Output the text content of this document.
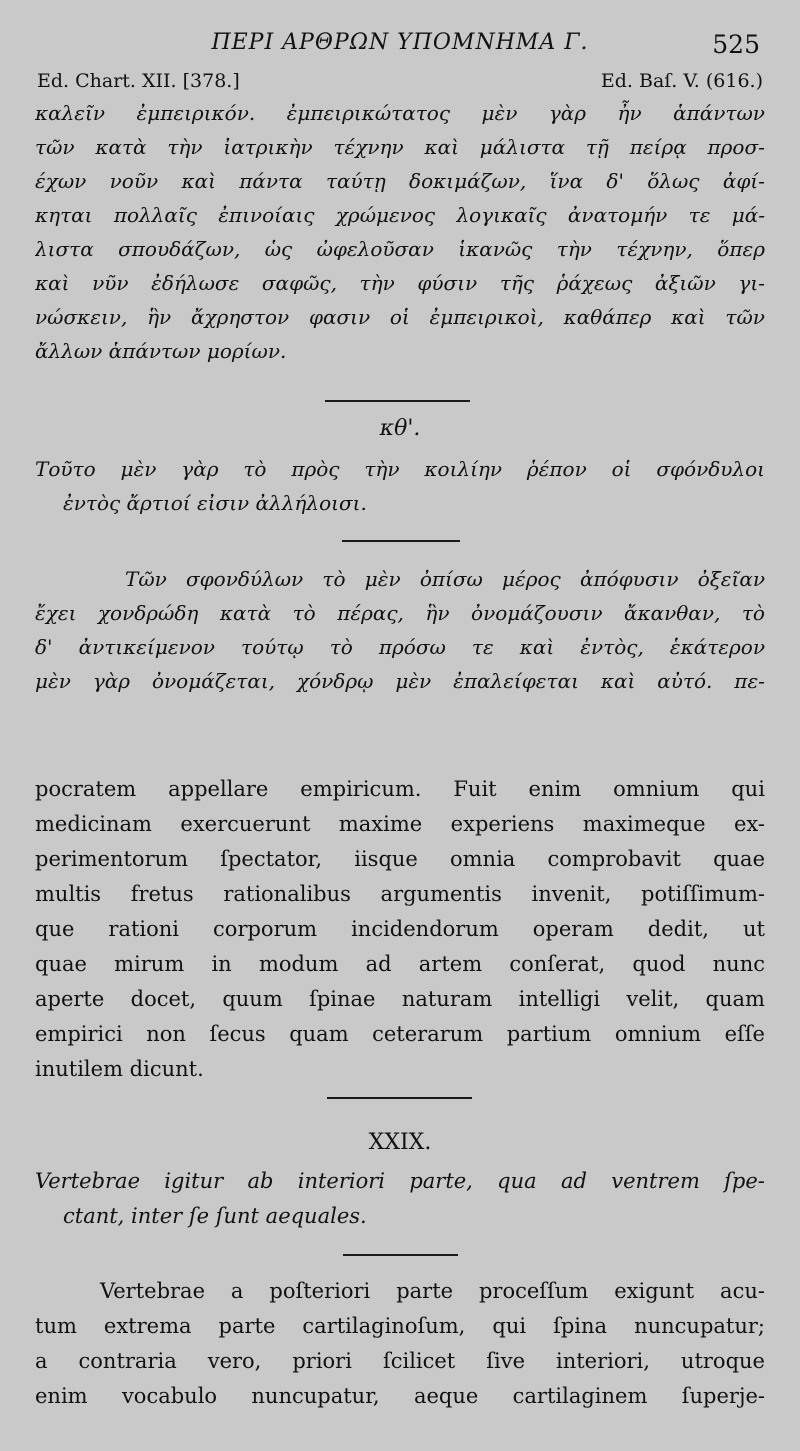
ΠΕΡΙ ΑΡΘΡΩΝ ΥΠΟΜΝΗΜΑ Γ.	525
Ed. Chart. XII. [378.]	Ed. Baſ. V. (616.)
καλεῖν ἐμπειρικόν. ἐμπειρικώτατος μὲν γὰρ ἦν ἁπάντων
τῶν κατὰ τὴν ἰατρικὴν τέχνην καὶ μάλιστα τῇ πείρᾳ προσ-
έχων νοῦν καὶ πάντα ταύτῃ δοκιμάζων, ἵνα δ' ὅλως ἀφί-
κηται πολλαῖς ἐπινοίαις χρώμενος λογικαῖς ἀνατομήν τε μά-
λιστα σπουδάζων, ὡς ὠφελοῦσαν ἱκανῶς τὴν τέχνην, ὅπερ
καὶ νῦν ἐδήλωσε σαφῶς, τὴν φύσιν τῆς ῥάχεως ἀξιῶν γι-
νώσκειν, ἣν ἄχρηστον φασιν οἱ ἐμπειρικοὶ, καθάπερ καὶ τῶν
ἄλλων ἁπάντων μορίων.
κθ'.
Τοῦτο μὲν γὰρ τὸ πρὸς τὴν κοιλίην ῥέπον οἱ σφόνδυλοι
ἐντὸς ἄρτιοί εἰσιν ἀλλήλοισι.
Τῶν σφονδύλων τὸ μὲν ὀπίσω μέρος ἀπόφυσιν ὀξεῖαν
ἔχει χονδρώδη κατὰ τὸ πέρας, ἣν ὀνομάζουσιν ἄκανθαν, τὸ
δ' ἀντικείμενον τούτῳ τὸ πρόσω τε καὶ ἐντὸς, ἑκάτερον
μὲν γὰρ ὀνομάζεται, χόνδρῳ μὲν ἐπαλείφεται καὶ αὐτό. πε-
pocratem appellare empiricum. Fuit enim omnium qui
medicinam exercuerunt maxime experiens maximeque ex-
perimentorum ſpectator, iisque omnia comprobavit quae
multis fretus rationalibus argumentis invenit, potiſſimum-
que rationi corporum incidendorum operam dedit, ut
quae mirum in modum ad artem conſerat, quod nunc
aperte docet, quum ſpinae naturam intelligi velit, quam
empirici non ſecus quam ceterarum partium omnium eſſe
inutilem dicunt.
XXIX.
Vertebrae igitur ab interiori parte, qua ad ventrem ſpe-
ctant, inter ſe ſunt aequales.
Vertebrae a poſteriori parte proceſſum exigunt acu-
tum extrema parte cartilaginoſum, qui ſpina nuncupatur;
a contraria vero, priori ſcilicet ſive interiori, utroque
enim vocabulo nuncupatur, aeque cartilaginem ſuperje-
